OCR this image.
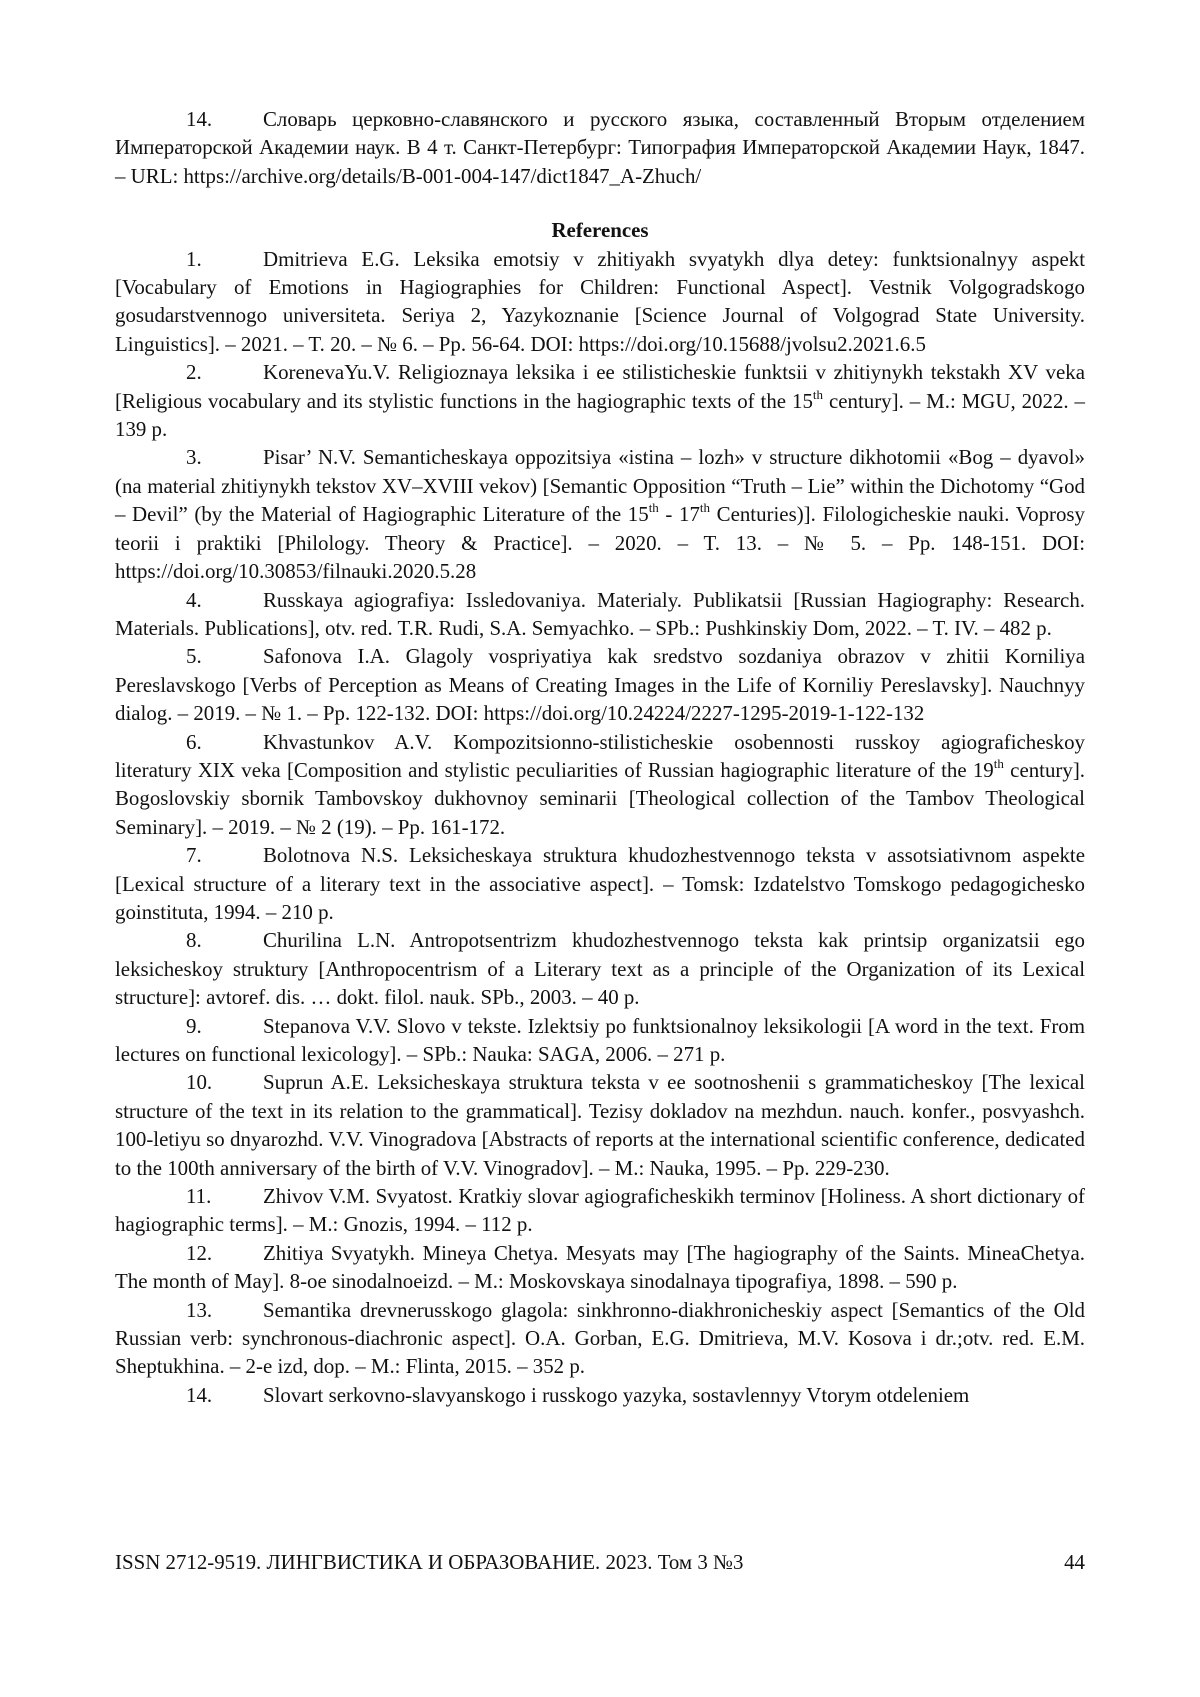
14. Словарь церковно-славянского и русского языка, составленный Вторым отделением Императорской Академии наук. В 4 т. Санкт-Петербург: Типография Императорской Академии Наук, 1847. – URL: https://archive.org/details/B-001-004-147/dict1847_A-Zhuch/

References

1.	Dmitrieva E.G. Leksika emotsiy v zhitiyakh svyatykh dlya detey: funktsionalnyy aspekt [Vocabulary of Emotions in Hagiographies for Children: Functional Aspect]. Vestnik Volgogradskogo gosudarstvennogo universiteta. Seriya 2, Yazykoznanie [Science Journal of Volgograd State University. Linguistics]. – 2021. – T. 20. – № 6. – Pp. 56-64. DOI: https://doi.org/10.15688/jvolsu2.2021.6.5

2.	KorenevaYu.V. Religioznaya leksika i ee stilisticheskie funktsii v zhitiynykh tekstakh XV veka [Religious vocabulary and its stylistic functions in the hagiographic texts of the 15th century]. – M.: MGU, 2022. – 139 p.

3.	Pisar’ N.V. Semanticheskaya oppozitsiya «istina – lozh» v structure dikhotomii «Bog – dyavol» (na material zhitiynykh tekstov XV–XVIII vekov) [Semantic Opposition “Truth – Lie” within the Dichotomy “God – Devil” (by the Material of Hagiographic Literature of the 15th - 17th Centuries)]. Filologicheskie nauki. Voprosy teorii i praktiki [Philology. Theory & Practice]. – 2020. – T. 13. – № 5. – Pp. 148-151. DOI: https://doi.org/10.30853/filnauki.2020.5.28

4.	Russkaya agiografiya: Issledovaniya. Materialy. Publikatsii [Russian Hagiography: Research. Materials. Publications], otv. red. T.R. Rudi, S.A. Semyachko. – SPb.: Pushkinskiy Dom, 2022. – T. IV. – 482 p.

5.	Safonova I.A. Glagoly vospriyatiya kak sredstvo sozdaniya obrazov v zhitii Korniliya Pereslavskogo [Verbs of Perception as Means of Creating Images in the Life of Korniliy Pereslavsky]. Nauchnyy dialog. – 2019. – № 1. – Pp. 122-132. DOI: https://doi.org/10.24224/2227-1295-2019-1-122-132

6.	Khvastunkov A.V. Kompozitsionno-stilisticheskie osobennosti russkoy agiograficheskoy literatury XIX veka [Composition and stylistic peculiarities of Russian hagiographic literature of the 19th century]. Bogoslovskiy sbornik Tambovskoy dukhovnoy seminarii [Theological collection of the Tambov Theological Seminary]. – 2019. – № 2 (19). – Pp. 161-172.

7.	Bolotnova N.S. Leksicheskaya struktura khudozhestvennogo teksta v assotsiativnom aspekte [Lexical structure of a literary text in the associative aspect]. – Tomsk: Izdatelstvo Tomskogo pedagogichesko goinstituta, 1994. – 210 p.

8.	Churilina L.N. Antropotsentrizm khudozhestvennogo teksta kak printsip organizatsii ego leksicheskoy struktury [Anthropocentrism of a Literary text as a principle of the Organization of its Lexical structure]: avtoref. dis. … dokt. filol. nauk. SPb., 2003. – 40 p.

9.	Stepanova V.V. Slovo v tekste. Izlektsiy po funktsionalnoy leksikologii [A word in the text. From lectures on functional lexicology]. – SPb.: Nauka: SAGA, 2006. – 271 p.

10. Suprun A.E. Leksicheskaya struktura teksta v ee sootnoshenii s grammaticheskoy [The lexical structure of the text in its relation to the grammatical]. Tezisy dokladov na mezhdun. nauch. konfer., posvyashch. 100-letiyu so dnyarozhd. V.V. Vinogradova [Abstracts of reports at the international scientific conference, dedicated to the 100th anniversary of the birth of V.V. Vinogradov]. – M.: Nauka, 1995. – Pp. 229-230.

11. Zhivov V.M. Svyatost. Kratkiy slovar agiograficheskikh terminov [Holiness. A short dictionary of hagiographic terms]. – M.: Gnozis, 1994. – 112 p.

12. Zhitiya Svyatykh. Mineya Chetya. Mesyats may [The hagiography of the Saints. MineaChetya. The month of May]. 8-oe sinodalnoeizd. – M.: Moskovskaya sinodalnaya tipografiya, 1898. – 590 p.

13. Semantika drevnerusskogo glagola: sinkhronno-diakhronicheskiy aspect [Semantics of the Old Russian verb: synchronous-diachronic aspect]. O.A. Gorban, E.G. Dmitrieva, M.V. Kosova i dr.;otv. red. E.M. Sheptukhina. – 2-e izd, dop. – M.: Flinta, 2015. – 352 p.

14. Slovart serkovno-slavyanskogo i russkogo yazyka, sostavlennyy Vtorym otdeleniem

ISSN 2712-9519. ЛИНГВИСТИКА И ОБРАЗОВАНИЕ. 2023. Том 3 №3	44
